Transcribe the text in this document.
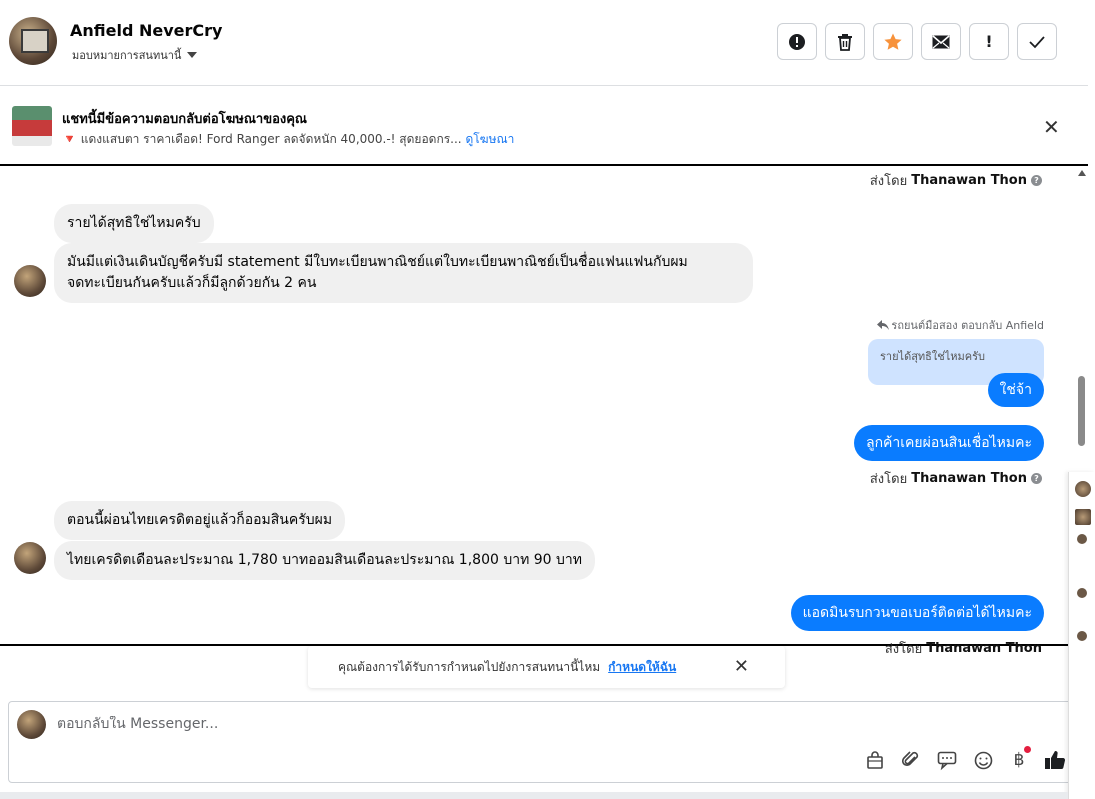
Anfield NeverCry
มอบหมายการสนทนานี้
!
แชทนี้มีข้อความตอบกลับต่อโฆษณาของคุณ
🔻 แดงแสบตา ราคาเดือด! Ford Ranger ลดจัดหนัก 40,000.-! สุดยอดกร... ดูโฆษณา	✕
ส่งโดย Thanawan Thon ?
รายได้สุทธิใช่ไหมครับ
มันมีแต่เงินเดินบัญชีครับมี statement มีใบทะเบียนพาณิชย์แต่ใบทะเบียนพาณิชย์เป็นชื่อแฟนแฟนกับผม
จดทะเบียนกันครับแล้วก็มีลูกด้วยกัน 2 คน
รถยนต์มือสอง ตอบกลับ Anfield
รายได้สุทธิใช่ไหมครับ
ใช่จ้า
ลูกค้าเคยผ่อนสินเชื่อไหมคะ
ส่งโดย Thanawan Thon ?
ตอนนี้ผ่อนไทยเครดิตอยู่แล้วก็ออมสินครับผม
ไทยเครดิตเดือนละประมาณ 1,780 บาทออมสินเดือนละประมาณ 1,800 บาท 90 บาท
แอดมินรบกวนขอเบอร์ติดต่อได้ไหมคะ
ส่งโดย Thanawan Thon
คุณต้องการได้รับการกำหนดไปยังการสนทนานี้ไหม กำหนดให้ฉัน	✕
ตอบกลับใน Messenger...
฿
